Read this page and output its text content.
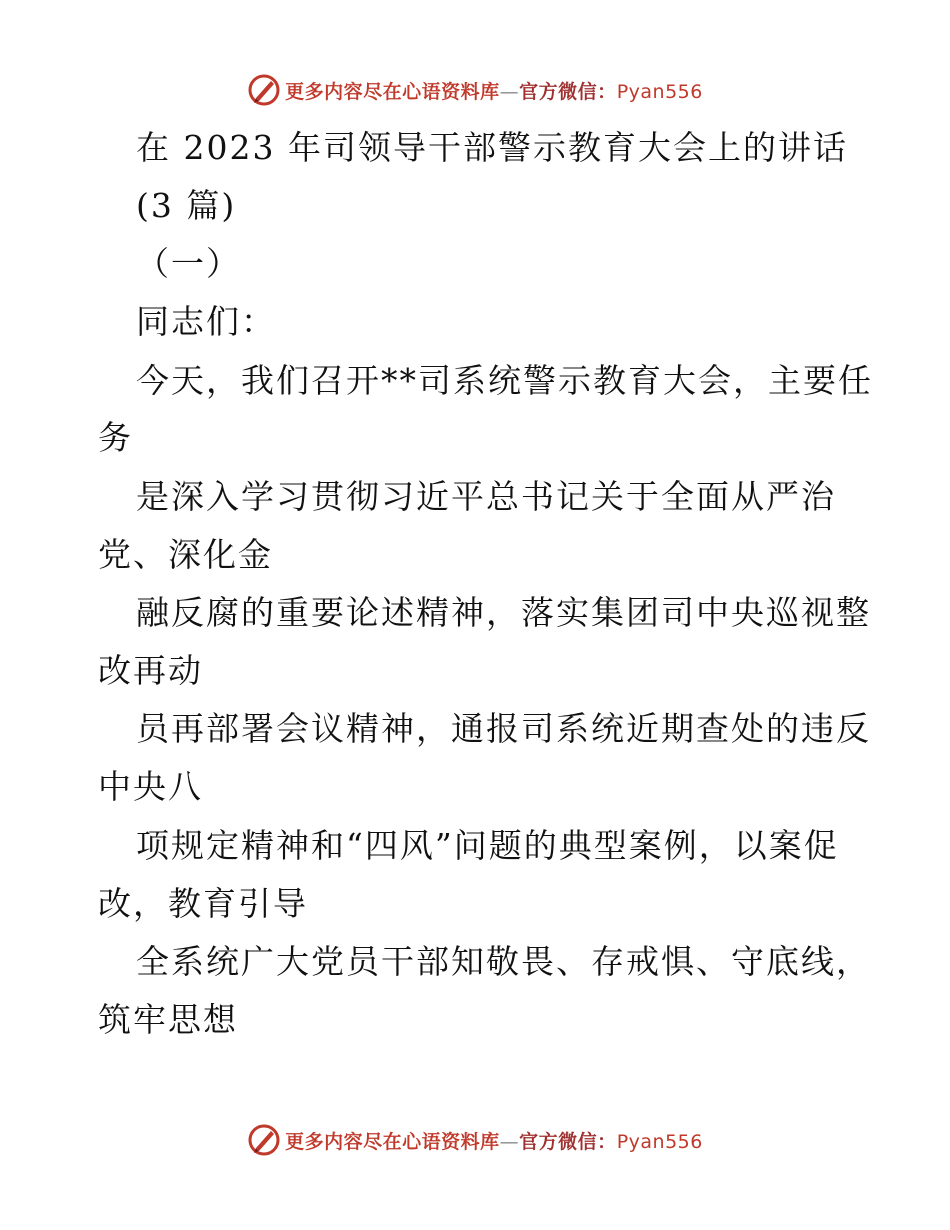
更多内容尽在心语资料库—官方微信：Pyan556
在 2023 年司领导干部警示教育大会上的讲话
(3 篇)
（一）
同志们：
今天，我们召开**司系统警示教育大会，主要任
务
是深入学习贯彻习近平总书记关于全面从严治
党、深化金
融反腐的重要论述精神，落实集团司中央巡视整
改再动
员再部署会议精神，通报司系统近期查处的违反
中央八
项规定精神和“四风”问题的典型案例，以案促
改，教育引导
全系统广大党员干部知敬畏、存戒惧、守底线，
筑牢思想
更多内容尽在心语资料库—官方微信：Pyan556
